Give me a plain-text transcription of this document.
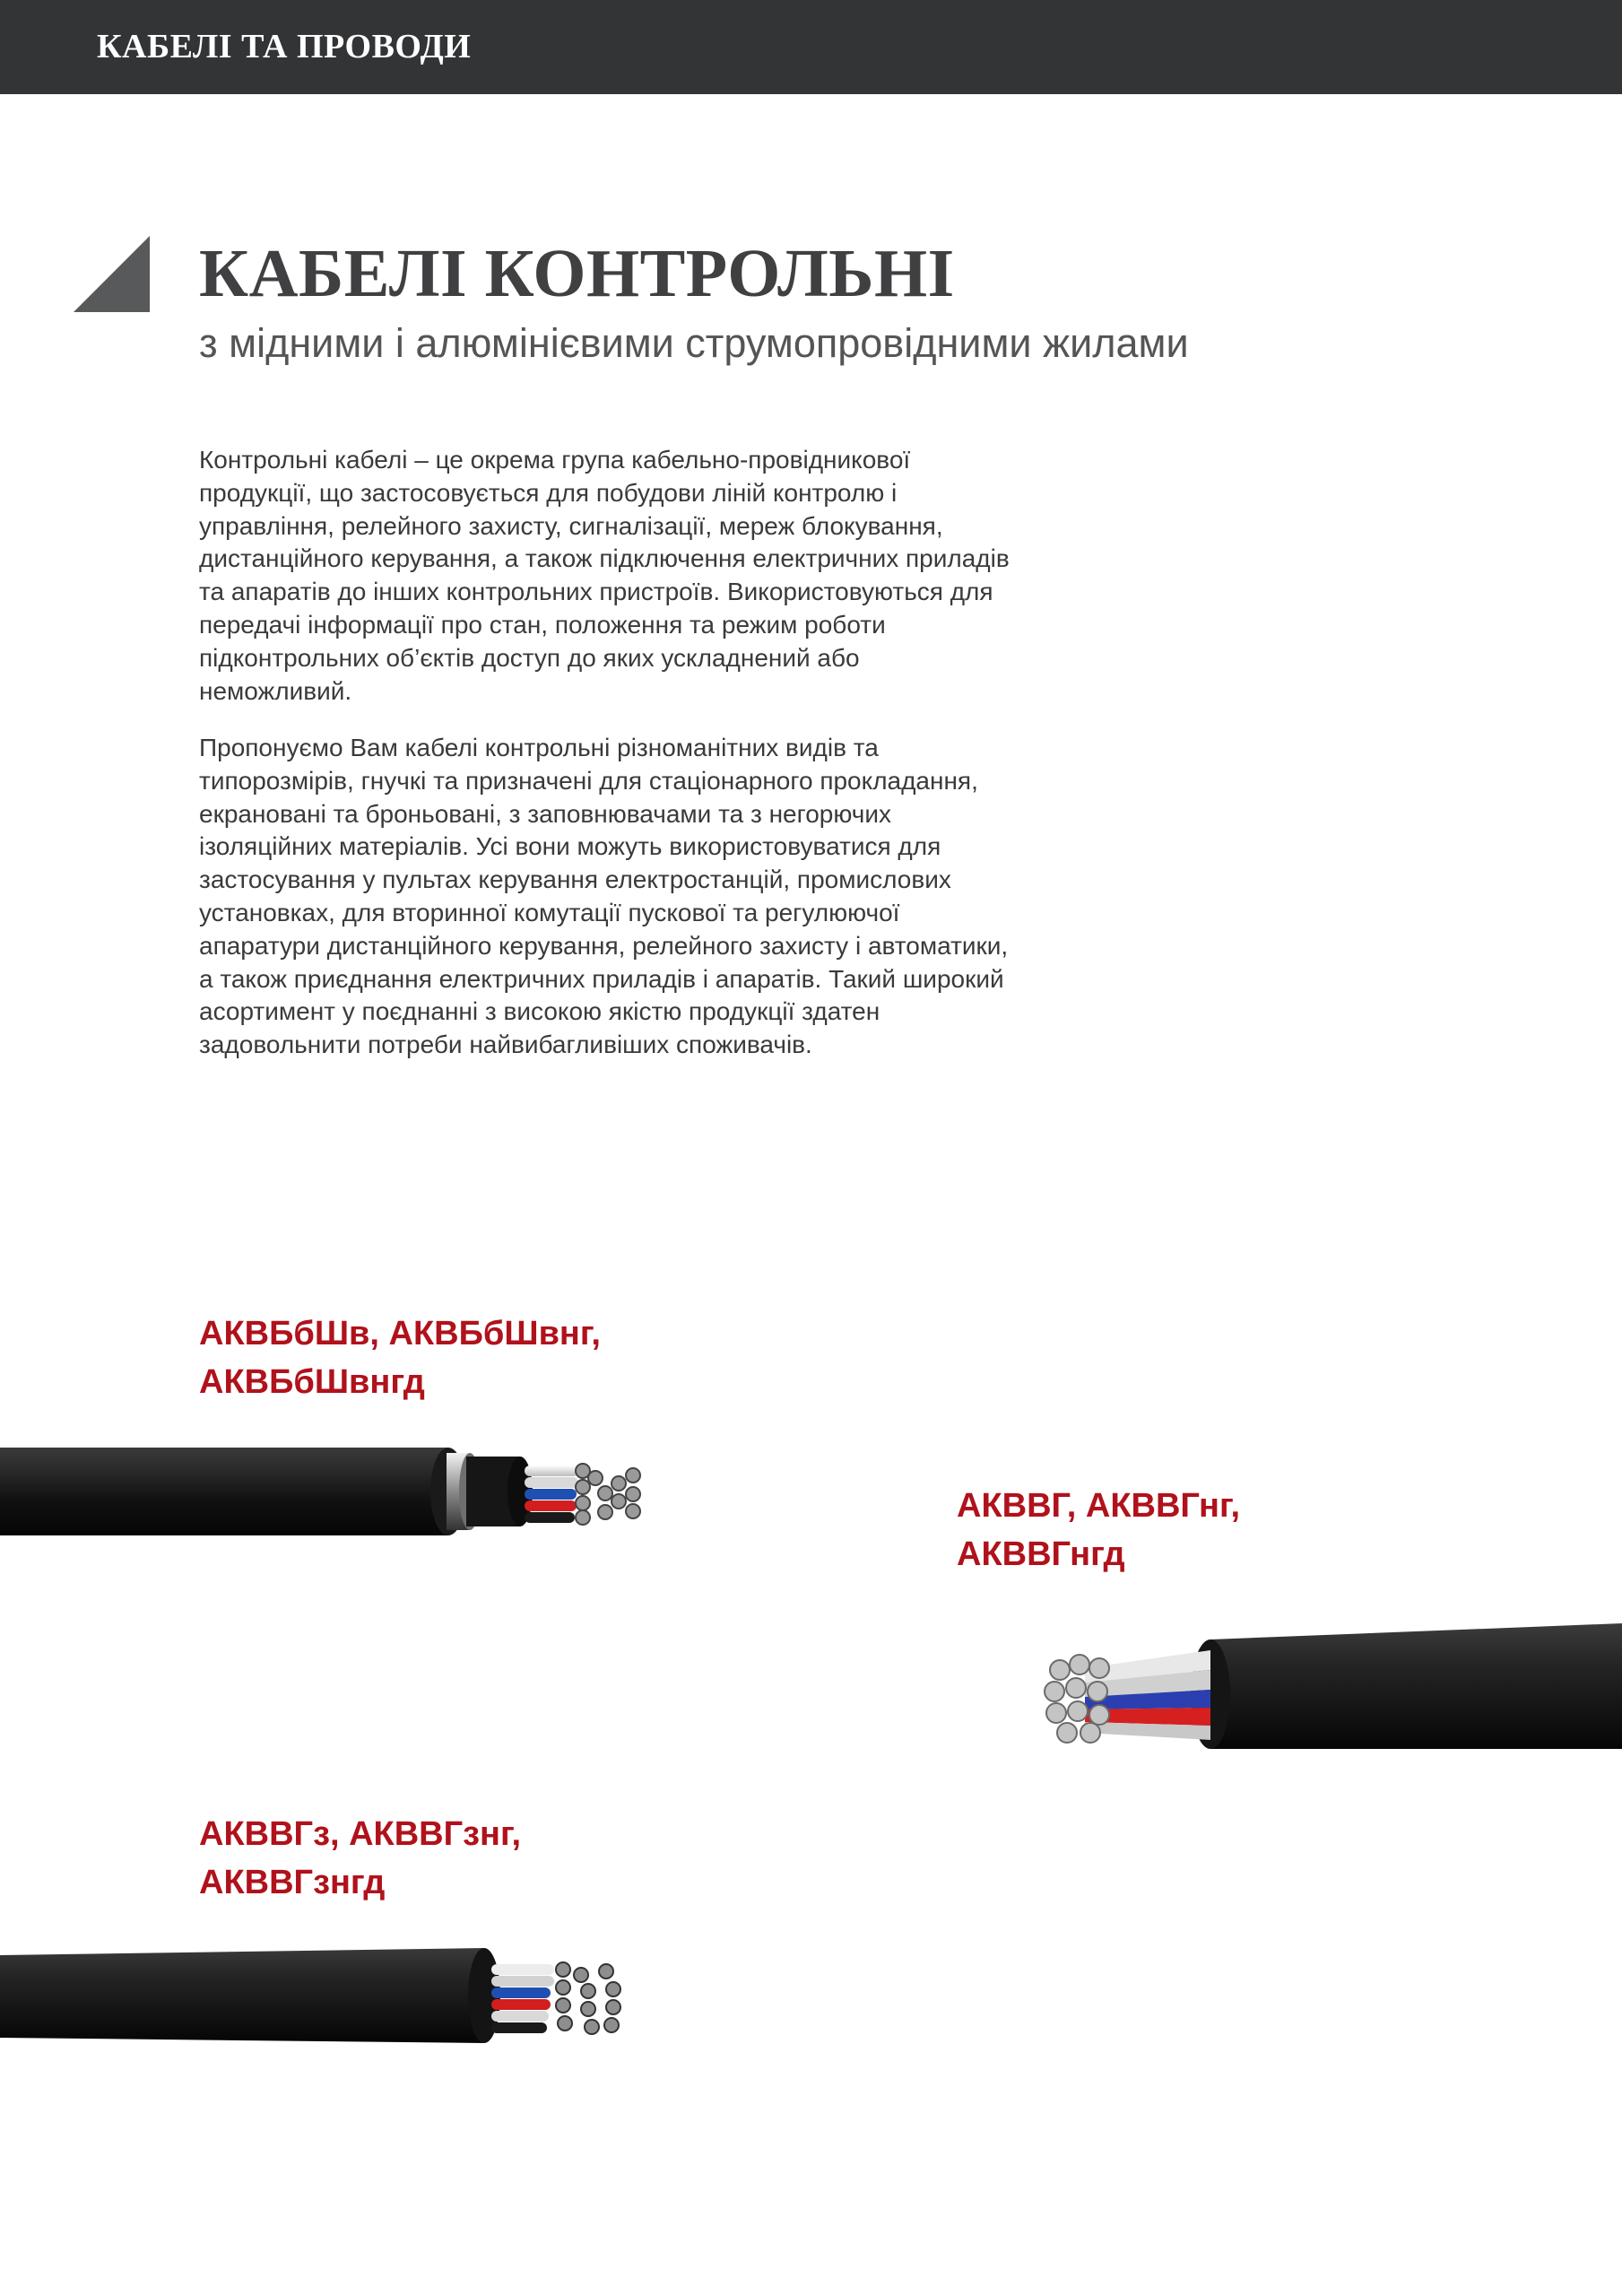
КАБЕЛІ ТА ПРОВОДИ
КАБЕЛІ КОНТРОЛЬНІ
з мідними і алюмінієвими струмопровідними жилами
Контрольні кабелі – це окрема група кабельно-провідникової
продукції, що застосовується для побудови ліній контролю і
управління, релейного захисту, сигналізації, мереж блокування,
дистанційного керування, а також підключення електричних приладів
та апаратів до інших контрольних пристроїв. Використовуються для
передачі інформації про стан, положення та режим роботи
підконтрольних об’єктів доступ до яких ускладнений або
неможливий.
Пропонуємо Вам кабелі контрольні різноманітних видів та
типорозмірів, гнучкі та призначені для стаціонарного прокладання,
екрановані та броньовані, з заповнювачами та з негорючих
ізоляційних матеріалів. Усі вони можуть використовуватися для
застосування у пультах керування електростанцій, промислових
установках, для вторинної комутації пускової та регулюючої
апаратури дистанційного керування, релейного захисту і автоматики,
а також приєднання електричних приладів і апаратів. Такий широкий
асортимент у поєднанні з високою якістю продукції здатен
задовольнити потреби найвибагливіших споживачів.
АКВБбШв, АКВБбШвнг,
АКВБбШвнгд
АКВВГ, АКВВГнг,
АКВВГнгд
АКВВГз, АКВВГзнг,
АКВВГзнгд
